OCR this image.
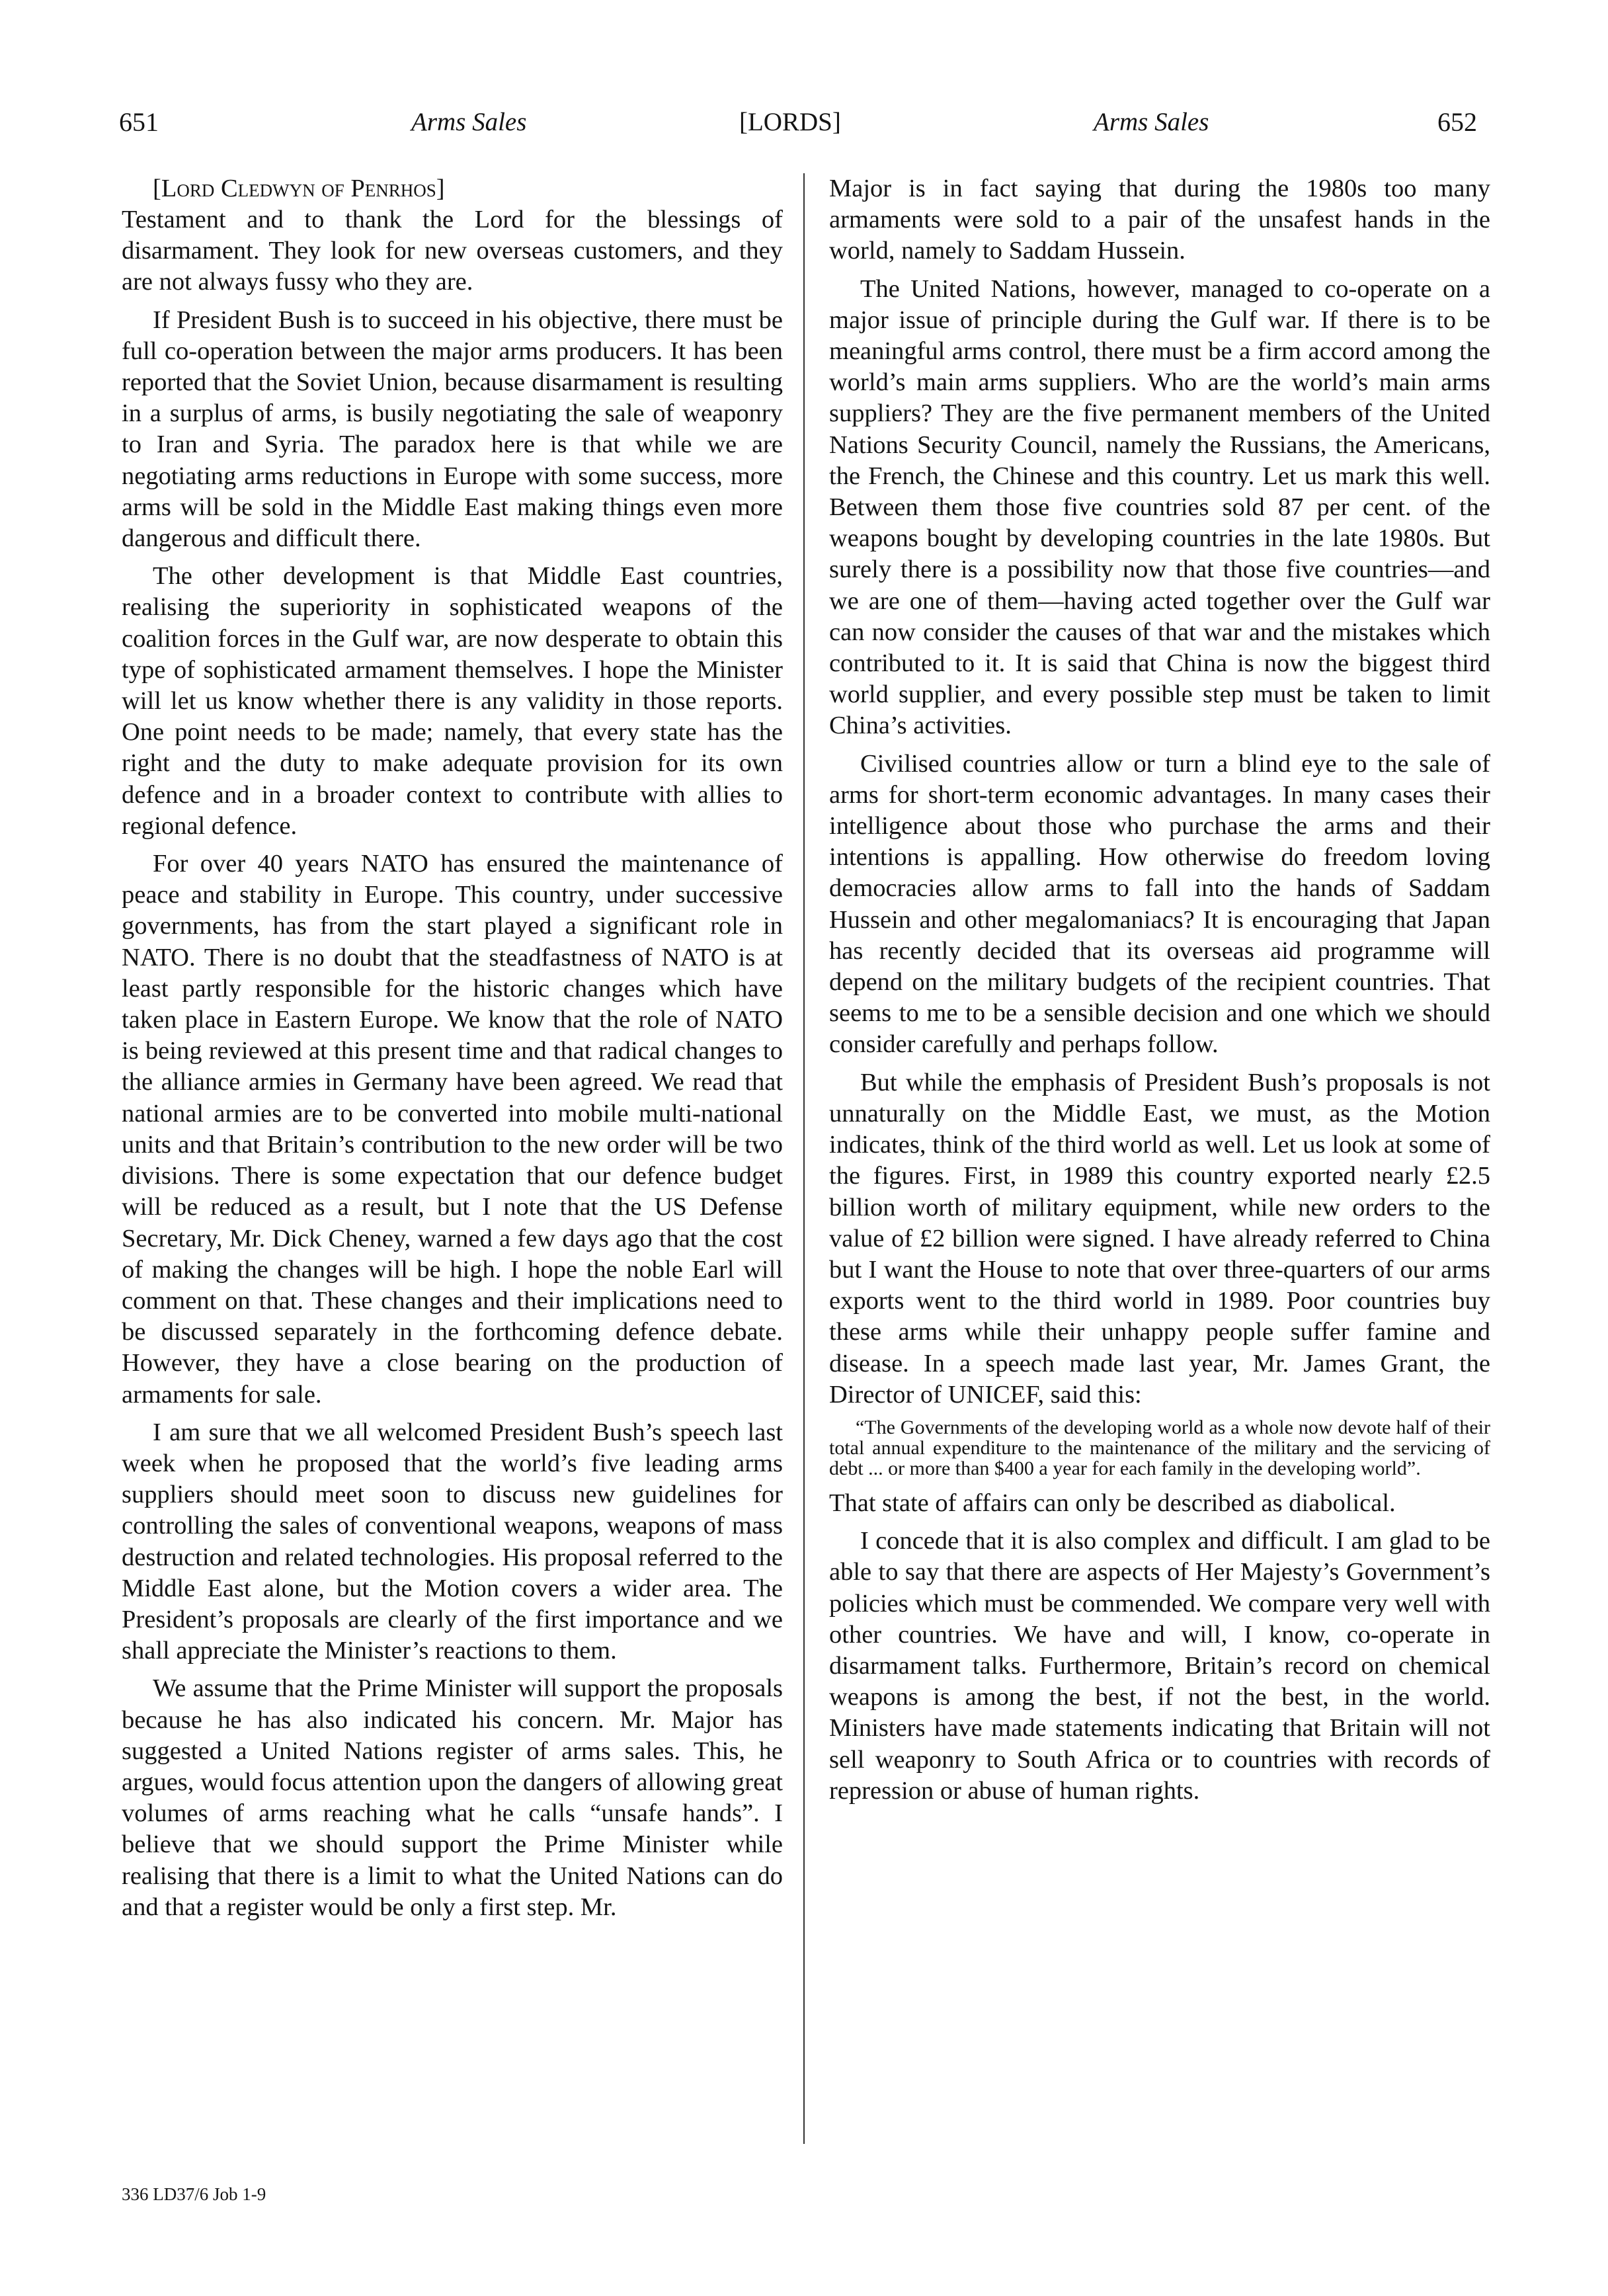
651	Arms Sales	[LORDS]	Arms Sales	652
[Lord Cledwyn of Penrhos]

Testament and to thank the Lord for the blessings of disarmament. They look for new overseas customers, and they are not always fussy who they are.

If President Bush is to succeed in his objective, there must be full co-operation between the major arms producers. It has been reported that the Soviet Union, because disarmament is resulting in a surplus of arms, is busily negotiating the sale of weaponry to Iran and Syria. The paradox here is that while we are negotiating arms reductions in Europe with some success, more arms will be sold in the Middle East making things even more dangerous and difficult there.

The other development is that Middle East countries, realising the superiority in sophisticated weapons of the coalition forces in the Gulf war, are now desperate to obtain this type of sophisticated armament themselves. I hope the Minister will let us know whether there is any validity in those reports. One point needs to be made; namely, that every state has the right and the duty to make adequate provision for its own defence and in a broader context to contribute with allies to regional defence.

For over 40 years NATO has ensured the maintenance of peace and stability in Europe. This country, under successive governments, has from the start played a significant role in NATO. There is no doubt that the steadfastness of NATO is at least partly responsible for the historic changes which have taken place in Eastern Europe. We know that the role of NATO is being reviewed at this present time and that radical changes to the alliance armies in Germany have been agreed. We read that national armies are to be converted into mobile multi-national units and that Britain’s contribution to the new order will be two divisions. There is some expectation that our defence budget will be reduced as a result, but I note that the US Defense Secretary, Mr. Dick Cheney, warned a few days ago that the cost of making the changes will be high. I hope the noble Earl will comment on that. These changes and their implications need to be discussed separately in the forthcoming defence debate. However, they have a close bearing on the production of armaments for sale.

I am sure that we all welcomed President Bush’s speech last week when he proposed that the world’s five leading arms suppliers should meet soon to discuss new guidelines for controlling the sales of conventional weapons, weapons of mass destruction and related technologies. His proposal referred to the Middle East alone, but the Motion covers a wider area. The President’s proposals are clearly of the first importance and we shall appreciate the Minister’s reactions to them.

We assume that the Prime Minister will support the proposals because he has also indicated his concern. Mr. Major has suggested a United Nations register of arms sales. This, he argues, would focus attention upon the dangers of allowing great volumes of arms reaching what he calls “unsafe hands”. I believe that we should support the Prime Minister while realising that there is a limit to what the United Nations can do and that a register would be only a first step. Mr.

Major is in fact saying that during the 1980s too many armaments were sold to a pair of the unsafest hands in the world, namely to Saddam Hussein.

The United Nations, however, managed to co-operate on a major issue of principle during the Gulf war. If there is to be meaningful arms control, there must be a firm accord among the world’s main arms suppliers. Who are the world’s main arms suppliers? They are the five permanent members of the United Nations Security Council, namely the Russians, the Americans, the French, the Chinese and this country. Let us mark this well. Between them those five countries sold 87 per cent. of the weapons bought by developing countries in the late 1980s. But surely there is a possibility now that those five countries—and we are one of them—having acted together over the Gulf war can now consider the causes of that war and the mistakes which contributed to it. It is said that China is now the biggest third world supplier, and every possible step must be taken to limit China’s activities.

Civilised countries allow or turn a blind eye to the sale of arms for short-term economic advantages. In many cases their intelligence about those who purchase the arms and their intentions is appalling. How otherwise do freedom loving democracies allow arms to fall into the hands of Saddam Hussein and other megalomaniacs? It is encouraging that Japan has recently decided that its overseas aid programme will depend on the military budgets of the recipient countries. That seems to me to be a sensible decision and one which we should consider carefully and perhaps follow.

But while the emphasis of President Bush’s proposals is not unnaturally on the Middle East, we must, as the Motion indicates, think of the third world as well. Let us look at some of the figures. First, in 1989 this country exported nearly £2.5 billion worth of military equipment, while new orders to the value of £2 billion were signed. I have already referred to China but I want the House to note that over three-quarters of our arms exports went to the third world in 1989. Poor countries buy these arms while their unhappy people suffer famine and disease. In a speech made last year, Mr. James Grant, the Director of UNICEF, said this:

“The Governments of the developing world as a whole now devote half of their total annual expenditure to the maintenance of the military and the servicing of debt ... or more than $400 a year for each family in the developing world”.

That state of affairs can only be described as diabolical.

I concede that it is also complex and difficult. I am glad to be able to say that there are aspects of Her Majesty’s Government’s policies which must be commended. We compare very well with other countries. We have and will, I know, co-operate in disarmament talks. Furthermore, Britain’s record on chemical weapons is among the best, if not the best, in the world. Ministers have made statements indicating that Britain will not sell weaponry to South Africa or to countries with records of repression or abuse of human rights.

336 LD37/6 Job 1-9
